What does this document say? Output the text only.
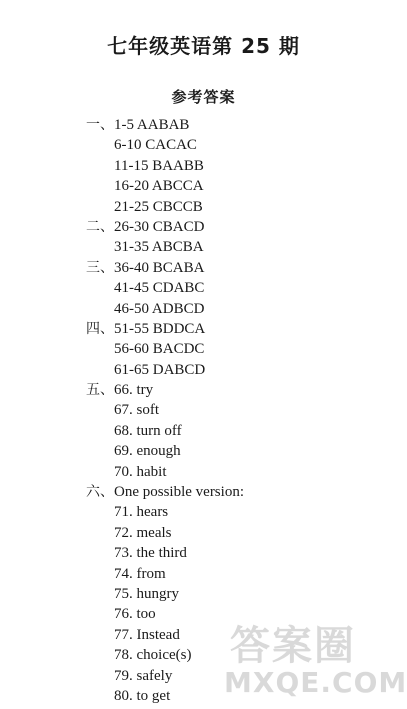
七年级英语第 25 期
参考答案
一、1-5 AABAB
6-10 CACAC
11-15 BAABB
16-20 ABCCA
21-25 CBCCB
二、26-30 CBACD
31-35 ABCBA
三、36-40 BCABA
41-45 CDABC
46-50 ADBCD
四、51-55 BDDCA
56-60 BACDC
61-65 DABCD
五、66. try
67. soft
68. turn off
69. enough
70. habit
六、One possible version:
71. hears
72. meals
73. the third
74. from
75. hungry
76. too
77. Instead
78. choice(s)
79. safely
80. to get
答案圈
MXQE.COM
